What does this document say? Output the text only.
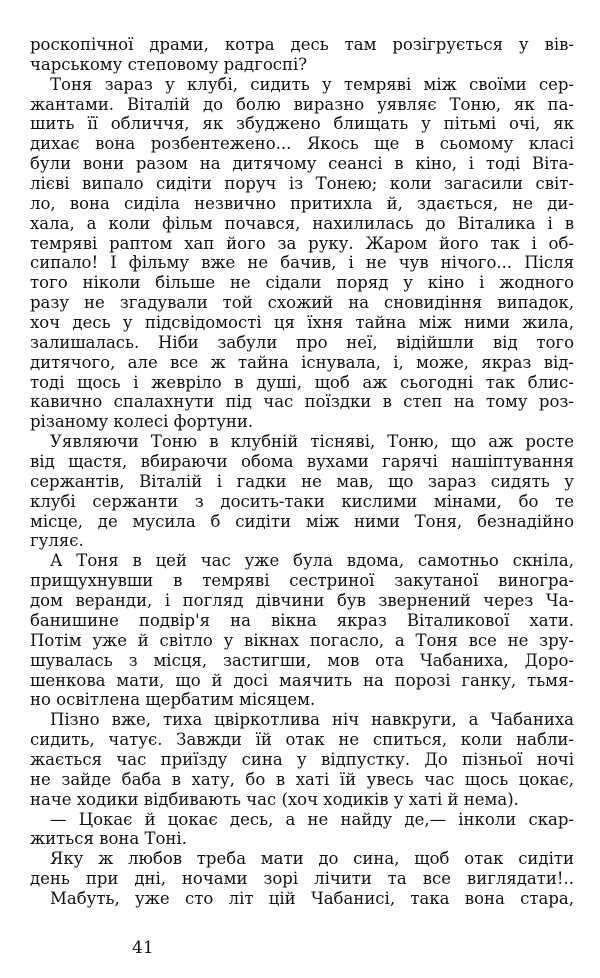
роскопічної драми, котра десь там розігрується у вів-
чарському степовому радгоспі?
Тоня зараз у клубі, сидить у темряві між своїми сер-
жантами. Віталій до болю виразно уявляє Тоню, як па-
шить її обличчя, як збуджено блищать у пітьмі очі, як
дихає вона розбентежено... Якось ще в сьомому класі
були вони разом на дитячому сеансі в кіно, і тоді Віта-
лієві випало сидіти поруч із Тонею; коли загасили світ-
ло, вона сиділа незвично притихла й, здається, не ди-
хала, а коли фільм почався, нахилилась до Віталика і в
темряві раптом хап його за руку. Жаром його так і об-
сипало! І фільму вже не бачив, і не чув нічого... Після
того ніколи більше не сідали поряд у кіно і жодного
разу не згадували той схожий на сновидіння випадок,
хоч десь у підсвідомості ця їхня тайна між ними жила,
залишалась. Ніби забули про неї, відійшли від того
дитячого, але все ж тайна існувала, і, може, якраз від-
тоді щось і жевріло в душі, щоб аж сьогодні так блис-
кавично спалахнути під час поїздки в степ на тому роз-
різаному колесі фортуни.
Уявляючи Тоню в клубній тісняві, Тоню, що аж росте
від щастя, вбираючи обома вухами гарячі нашіптування
сержантів, Віталій і гадки не мав, що зараз сидять у
клубі сержанти з досить-таки кислими мінами, бо те
місце, де мусила б сидіти між ними Тоня, безнадійно
гуляє.
А Тоня в цей час уже була вдома, самотньо скніла,
прищухнувши в темряві сестриної закутаної виногра-
дом веранди, і погляд дівчини був звернений через Ча-
банишине подвір'я на вікна якраз Віталикової хати.
Потім уже й світло у вікнах погасло, а Тоня все не зру-
шувалась з місця, застигши, мов ота Чабаниха, Доро-
шенкова мати, що й досі маячить на порозі ганку, тьмя-
но освітлена щербатим місяцем.
Пізно вже, тиха цвіркотлива ніч навкруги, а Чабаниха
сидить, чатує. Завжди їй отак не спиться, коли набли-
жається час приїзду сина у відпустку. До пізньої ночі
не зайде баба в хату, бо в хаті їй увесь час щось цокає,
наче ходики відбивають час (хоч ходиків у хаті й нема).
— Цокає й цокає десь, а не найду де,— інколи скар-
житься вона Тоні.
Яку ж любов треба мати до сина, щоб отак сидіти
день при дні, ночами зорі лічити та все виглядати!..
Мабуть, уже сто літ цій Чабанисі, така вона стара,
41
